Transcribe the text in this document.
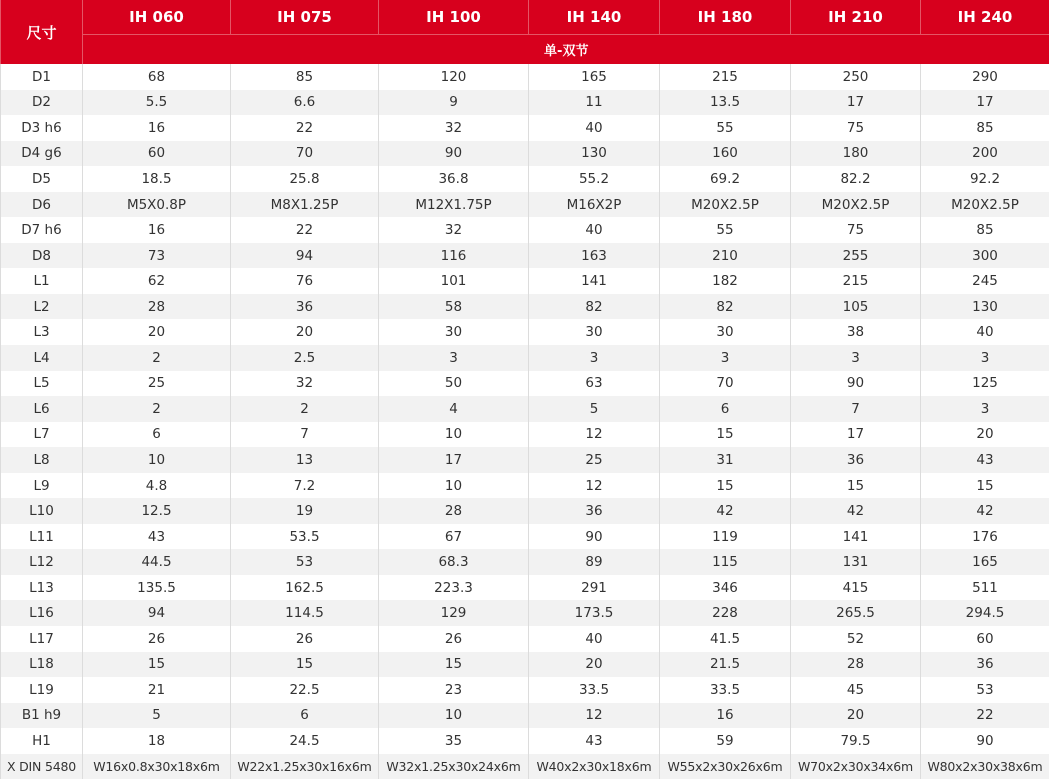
尺寸	IH 060	IH 075	IH 100	IH 140	IH 180	IH 210	IH 240
	单-双节						
D1	68	85	120	165	215	250	290
D2	5.5	6.6	9	11	13.5	17	17
D3 h6	16	22	32	40	55	75	85
D4 g6	60	70	90	130	160	180	200
D5	18.5	25.8	36.8	55.2	69.2	82.2	92.2
D6	M5X0.8P	M8X1.25P	M12X1.75P	M16X2P	M20X2.5P	M20X2.5P	M20X2.5P
D7 h6	16	22	32	40	55	75	85
D8	73	94	116	163	210	255	300
L1	62	76	101	141	182	215	245
L2	28	36	58	82	82	105	130
L3	20	20	30	30	30	38	40
L4	2	2.5	3	3	3	3	3
L5	25	32	50	63	70	90	125
L6	2	2	4	5	6	7	3
L7	6	7	10	12	15	17	20
L8	10	13	17	25	31	36	43
L9	4.8	7.2	10	12	15	15	15
L10	12.5	19	28	36	42	42	42
L11	43	53.5	67	90	119	141	176
L12	44.5	53	68.3	89	115	131	165
L13	135.5	162.5	223.3	291	346	415	511
L16	94	114.5	129	173.5	228	265.5	294.5
L17	26	26	26	40	41.5	52	60
L18	15	15	15	20	21.5	28	36
L19	21	22.5	23	33.5	33.5	45	53
B1 h9	5	6	10	12	16	20	22
H1	18	24.5	35	43	59	79.5	90
X DIN 5480	W16x0.8x30x18x6m	W22x1.25x30x16x6m	W32x1.25x30x24x6m	W40x2x30x18x6m	W55x2x30x26x6m	W70x2x30x34x6m	W80x2x30x38x6m
